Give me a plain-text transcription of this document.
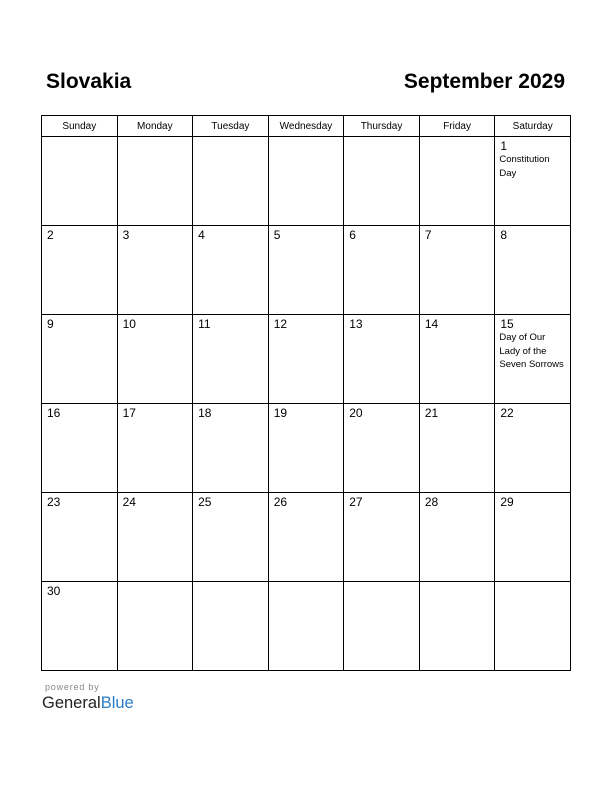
Slovakia	September 2029
Sunday	Monday	Tuesday	Wednesday	Thursday	Friday	Saturday

						1
Constitution Day

2	3	4	5	6	7	8

9	10	11	12	13	14	15
Day of Our Lady of the Seven Sorrows

16	17	18	19	20	21	22

23	24	25	26	27	28	29

30						

powered by
GeneralBlue
